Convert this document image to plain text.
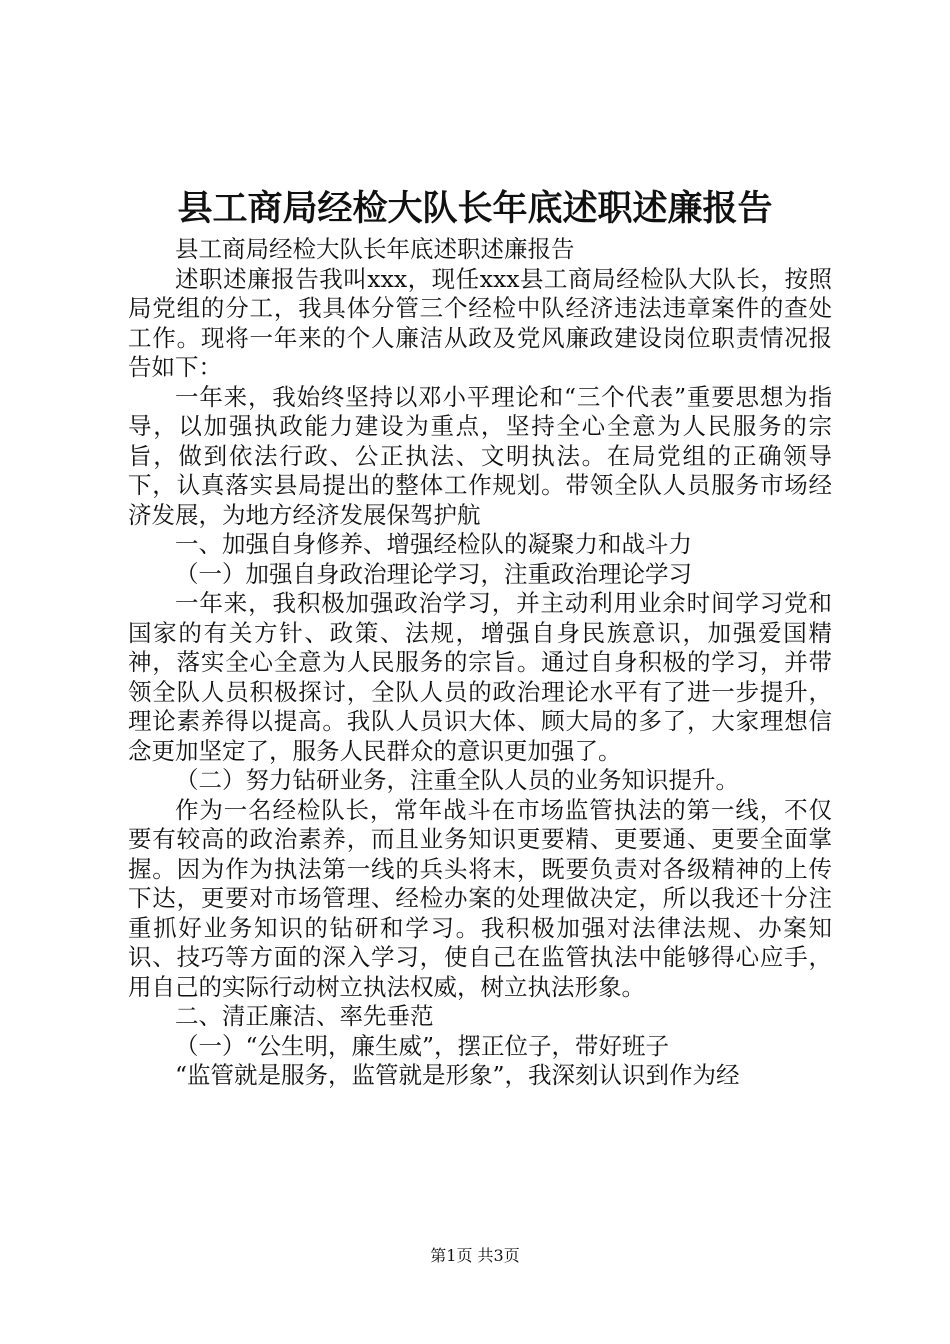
县工商局经检大队长年底述职述廉报告

县工商局经检大队长年底述职述廉报告

述职述廉报告我叫xxx，现任xxx县工商局经检队大队长，按照局党组的分工，我具体分管三个经检中队经济违法违章案件的查处工作。现将一年来的个人廉洁从政及党风廉政建设岗位职责情况报告如下：

一年来，我始终坚持以邓小平理论和“三个代表”重要思想为指导，以加强执政能力建设为重点，坚持全心全意为人民服务的宗旨，做到依法行政、公正执法、文明执法。在局党组的正确领导下，认真落实县局提出的整体工作规划。带领全队人员服务市场经济发展，为地方经济发展保驾护航

一、加强自身修养、增强经检队的凝聚力和战斗力

（一）加强自身政治理论学习，注重政治理论学习

一年来，我积极加强政治学习，并主动利用业余时间学习党和国家的有关方针、政策、法规，增强自身民族意识，加强爱国精神，落实全心全意为人民服务的宗旨。通过自身积极的学习，并带领全队人员积极探讨，全队人员的政治理论水平有了进一步提升，理论素养得以提高。我队人员识大体、顾大局的多了，大家理想信念更加坚定了，服务人民群众的意识更加强了。

（二）努力钻研业务，注重全队人员的业务知识提升。

作为一名经检队长，常年战斗在市场监管执法的第一线，不仅要有较高的政治素养，而且业务知识更要精、更要通、更要全面掌握。因为作为执法第一线的兵头将末，既要负责对各级精神的上传下达，更要对市场管理、经检办案的处理做决定，所以我还十分注重抓好业务知识的钻研和学习。我积极加强对法律法规、办案知识、技巧等方面的深入学习，使自己在监管执法中能够得心应手，用自己的实际行动树立执法权威，树立执法形象。

二、清正廉洁、率先垂范

（一）“公生明，廉生威”，摆正位子，带好班子

“监管就是服务，监管就是形象”，我深刻认识到作为经

第1页 共3页
